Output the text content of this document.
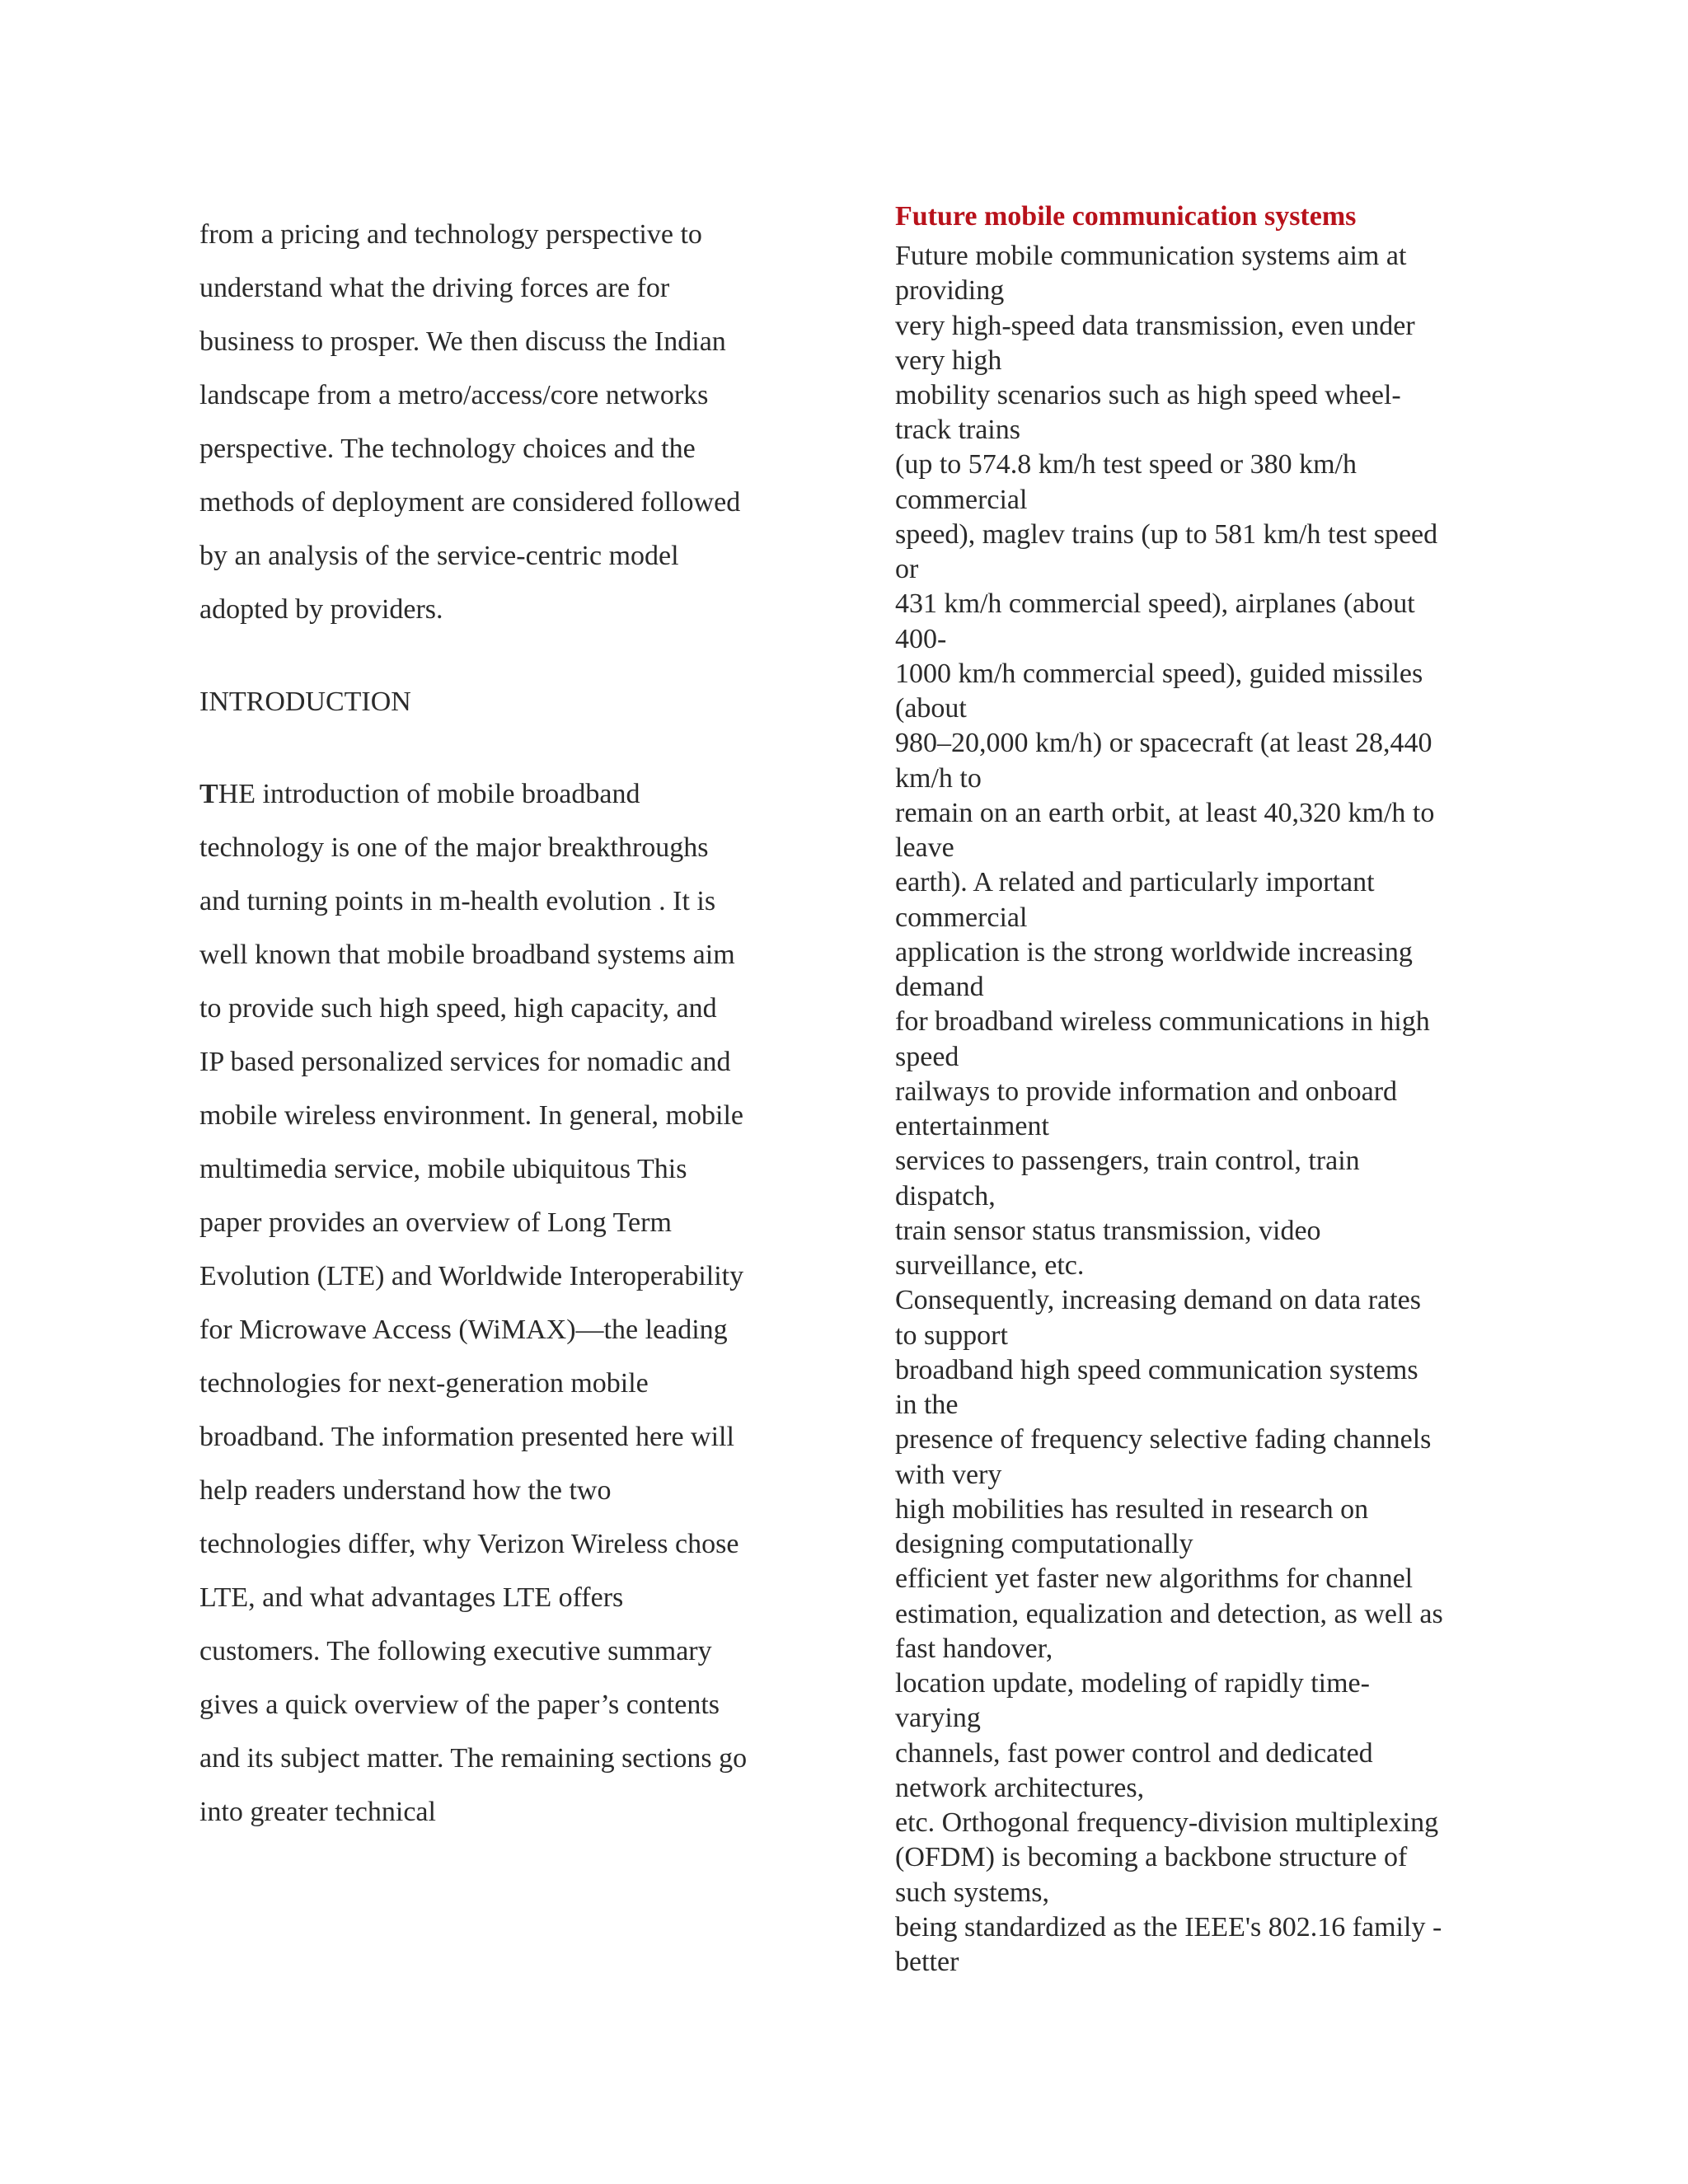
from a pricing and technology perspective to
understand what the driving forces are for
business to prosper. We then discuss the Indian
landscape from a metro/access/core networks
perspective. The technology choices and the
methods of deployment are considered followed
by an analysis of the service-centric model
adopted by providers.
INTRODUCTION
THE introduction of mobile broadband
technology is one of the major breakthroughs
and turning points in m-health evolution . It is
well known that mobile broadband systems aim
to provide such high speed, high capacity, and
IP based personalized services for nomadic and
mobile wireless environment. In general, mobile
multimedia service, mobile ubiquitous This
paper provides an overview of Long Term
Evolution (LTE) and Worldwide Interoperability
for Microwave Access (WiMAX)—the leading
technologies for next-generation mobile
broadband. The information presented here will
help readers understand how the two
technologies differ, why Verizon Wireless chose
LTE, and what advantages LTE offers
customers. The following executive summary
gives a quick overview of the paper’s contents
and its subject matter. The remaining sections go
into greater technical
Future mobile communication systems
Future mobile communication systems aim at
providing
very high-speed data transmission, even under
very high
mobility scenarios such as high speed wheel-
track trains
(up to 574.8 km/h test speed or 380 km/h
commercial
speed), maglev trains (up to 581 km/h test speed
or
431 km/h commercial speed), airplanes (about
400-
1000 km/h commercial speed), guided missiles
(about
980–20,000 km/h) or spacecraft (at least 28,440
km/h to
remain on an earth orbit, at least 40,320 km/h to
leave
earth). A related and particularly important
commercial
application is the strong worldwide increasing
demand
for broadband wireless communications in high
speed
railways to provide information and onboard
entertainment
services to passengers, train control, train
dispatch,
train sensor status transmission, video
surveillance, etc.
Consequently, increasing demand on data rates
to support
broadband high speed communication systems
in the
presence of frequency selective fading channels
with very
high mobilities has resulted in research on
designing computationally
efficient yet faster new algorithms for channel
estimation, equalization and detection, as well as
fast handover,
location update, modeling of rapidly time-
varying
channels, fast power control and dedicated
network architectures,
etc. Orthogonal frequency-division multiplexing
(OFDM) is becoming a backbone structure of
such systems,
being standardized as the IEEE's 802.16 family -
better
